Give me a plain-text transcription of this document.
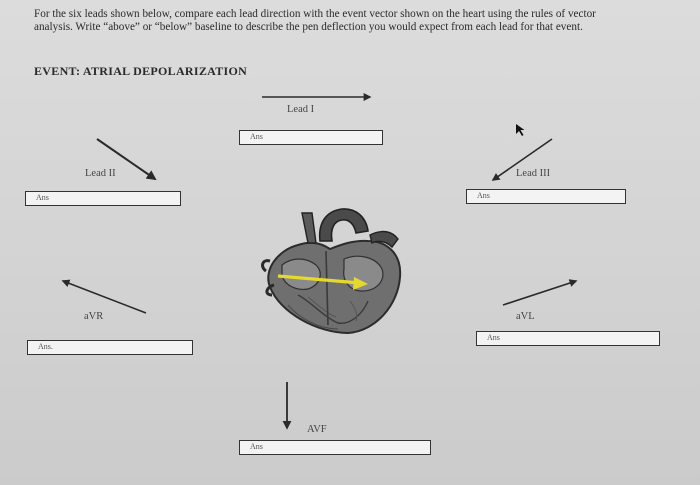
For the six leads shown below, compare each lead direction with the event vector shown on the heart using the rules of vector analysis. Write “above” or “below” baseline to describe the pen deflection you would expect from each lead for that event.
EVENT: ATRIAL DEPOLARIZATION
Lead I
Ans
Lead II
Ans
Lead III
Ans
aVR
Ans.
aVL
Ans
AVF
Ans
